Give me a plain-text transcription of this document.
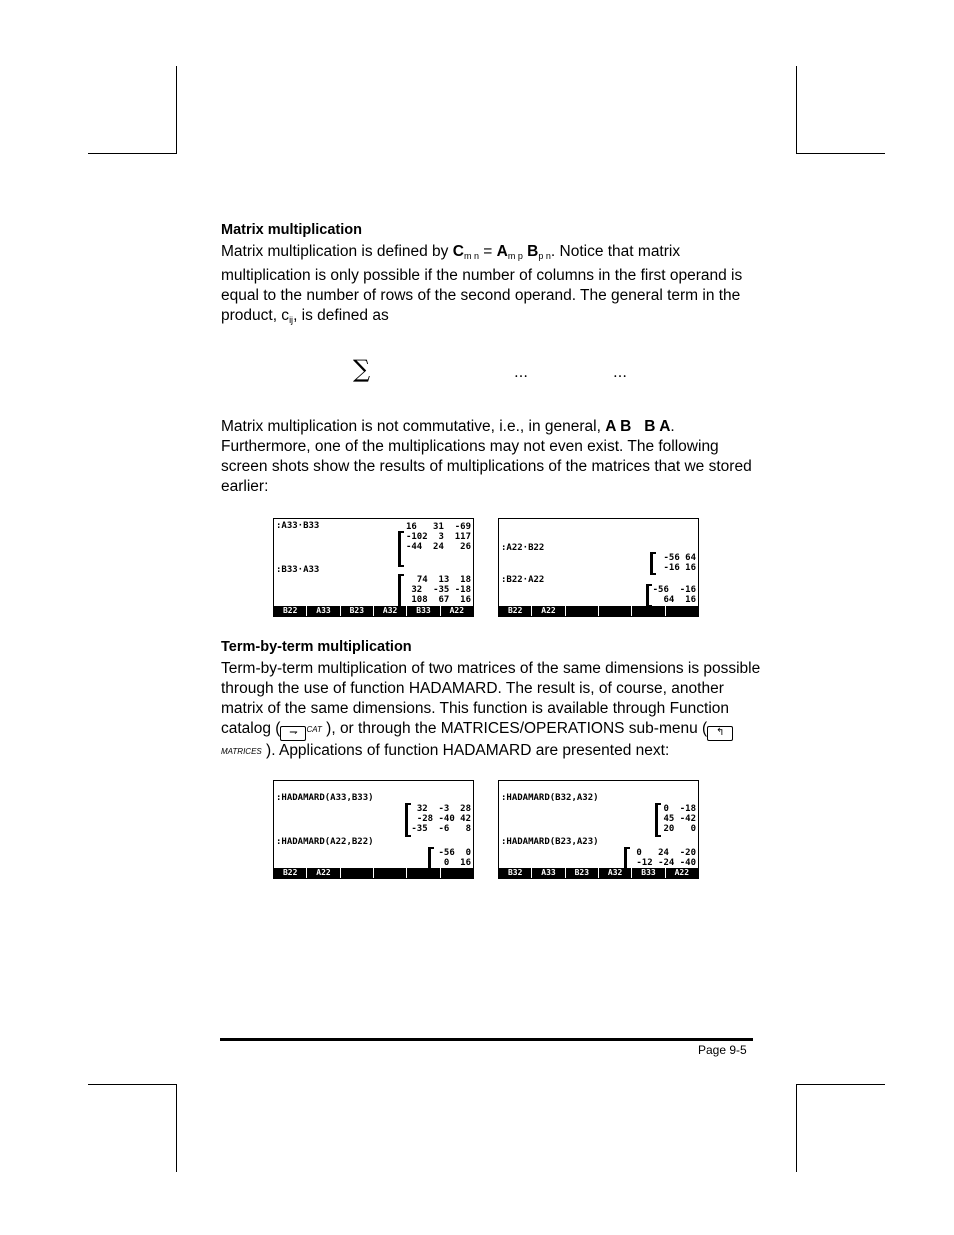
Matrix multiplication
Matrix multiplication is defined by $C_{m n} = A_{m p}$ $B_{p n}$. Notice that matrix multiplication is only possible if the number of columns in the first operand is equal to the number of rows of the second operand. The general term in the product, $c_{ij}$, is defined as
∑	…	…
Matrix multiplication is not commutative, i.e., in general, A B B A. Furthermore, one of the multiplications may not even exist. The following screen shots show the results of multiplications of the matrices that we stored earlier:
:A33·B33	16   31  -69
-102  3  117
-44  24   26
:B33·A33
74  13  18
32  -35 -18
108  67  16
B22	A33	B23	A32	B33	A22
:A22·B22
-56 64
-16 16
:B22·A22
-56  -16
64  16
B22	A22
Term-by-term multiplication
Term-by-term multiplication of two matrices of the same dimensions is possible through the use of function HADAMARD. The result is, of course, another matrix of the same dimensions. This function is available through Function catalog ( ⇁ CAT ), or through the MATRICES/OPERATIONS sub-menu ( ↰MATRICES ). Applications of function HADAMARD are presented next:
:HADAMARD(A33,B33)
32  -3  28
-28 -40 42
-35  -6   8
:HADAMARD(A22,B22)
-56  0
0  16
B22	A22
:HADAMARD(B32,A32)
0  -18
45 -42
20   0
:HADAMARD(B23,A23)
0   24  -20
-12 -24 -40
B32	A33	B23	A32	B33	A22
Page 9-5
